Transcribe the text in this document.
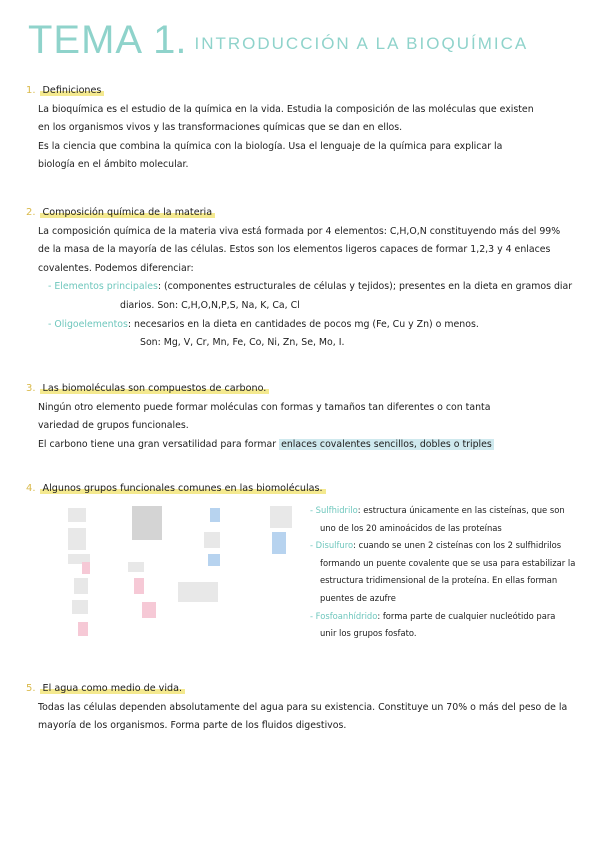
TEMA 1. INTRODUCCIÓN A LA BIOQUÍMICA
1. Definiciones
La bioquímica es el estudio de la química en la vida. Estudia la composición de las moléculas que existen
en los organismos vivos y las transformaciones químicas que se dan en ellos.
Es la ciencia que combina la química con la biología. Usa el lenguaje de la química para explicar la
biología en el ámbito molecular.
2. Composición química de la materia
La composición química de la materia viva está formada por 4 elementos: C,H,O,N constituyendo más del 99%
de la masa de la mayoría de las células. Estos son los elementos ligeros capaces de formar 1,2,3 y 4 enlaces
covalentes. Podemos diferenciar:
- Elementos principales: (componentes estructurales de células y tejidos); presentes en la dieta en gramos diar
diarios. Son: C,H,O,N,P,S, Na, K, Ca, Cl
- Oligoelementos: necesarios en la dieta en cantidades de pocos mg (Fe, Cu y Zn) o menos.
Son: Mg, V, Cr, Mn, Fe, Co, Ni, Zn, Se, Mo, I.
3. Las biomoléculas son compuestos de carbono.
Ningún otro elemento puede formar moléculas con formas y tamaños tan diferentes o con tanta
variedad de grupos funcionales.
El carbono tiene una gran versatilidad para formar enlaces covalentes sencillos, dobles o triples
4. Algunos grupos funcionales comunes en las biomoléculas.
- Sulfhidrilo: estructura únicamente en las cisteínas, que son
uno de los 20 aminoácidos de las proteínas
- Disulfuro: cuando se unen 2 cisteínas con los 2 sulfhidrilos
formando un puente covalente que se usa para estabilizar la
estructura tridimensional de la proteína. En ellas forman
puentes de azufre
- Fosfoanhídrido: forma parte de cualquier nucleótido para
unir los grupos fosfato.
5. El agua como medio de vida.
Todas las células dependen absolutamente del agua para su existencia. Constituye un 70% o más del peso de la
mayoría de los organismos. Forma parte de los fluidos digestivos.
